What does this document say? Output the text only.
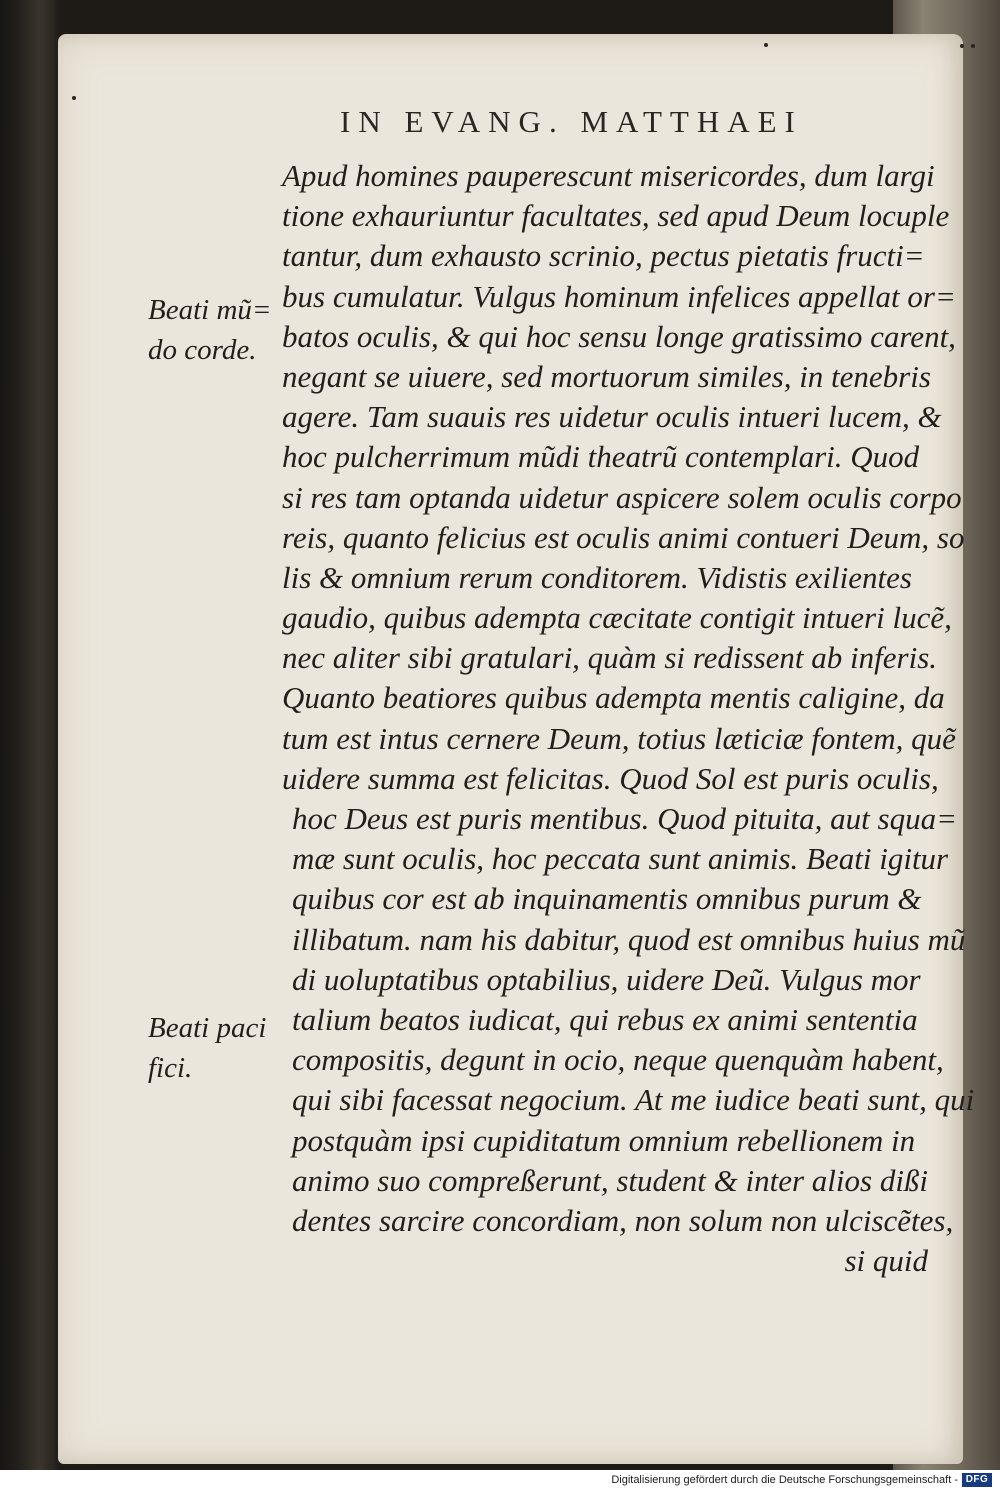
IN EVANG. MATTHAEI
Beati mũ=
do corde.
Beati paci
fici.
Apud homines pauperescunt misericordes, dum largi
tione exhauriuntur facultates, sed apud Deum locuple
tantur, dum exhausto scrinio, pectus pietatis fructi=
bus cumulatur. Vulgus hominum infelices appellat or=
batos oculis, & qui hoc sensu longe gratissimo carent,
negant se uiuere, sed mortuorum similes, in tenebris
agere. Tam suauis res uidetur oculis intueri lucem, &
hoc pulcherrimum mũdi theatrũ contemplari. Quod
si res tam optanda uidetur aspicere solem oculis corpo
reis, quanto felicius est oculis animi contueri Deum, so
lis & omnium rerum conditorem. Vidistis exilientes
gaudio, quibus adempta cæcitate contigit intueri lucẽ,
nec aliter sibi gratulari, quàm si redissent ab inferis.
Quanto beatiores quibus adempta mentis caligine, da
tum est intus cernere Deum, totius læticiæ fontem, quẽ
uidere summa est felicitas. Quod Sol est puris oculis,
hoc Deus est puris mentibus. Quod pituita, aut squa=
mæ sunt oculis, hoc peccata sunt animis. Beati igitur
quibus cor est ab inquinamentis omnibus purum &
illibatum. nam his dabitur, quod est omnibus huius mũ
di uoluptatibus optabilius, uidere Deũ. Vulgus mor
talium beatos iudicat, qui rebus ex animi sententia
compositis, degunt in ocio, neque quenquàm habent,
qui sibi facessat negocium. At me iudice beati sunt, qui
postquàm ipsi cupiditatum omnium rebellionem in
animo suo compreßerunt, student & inter alios dißi
dentes sarcire concordiam, non solum non ulciscẽtes,
si quid
Digitalisierung gefördert durch die Deutsche Forschungsgemeinschaft - DFG
